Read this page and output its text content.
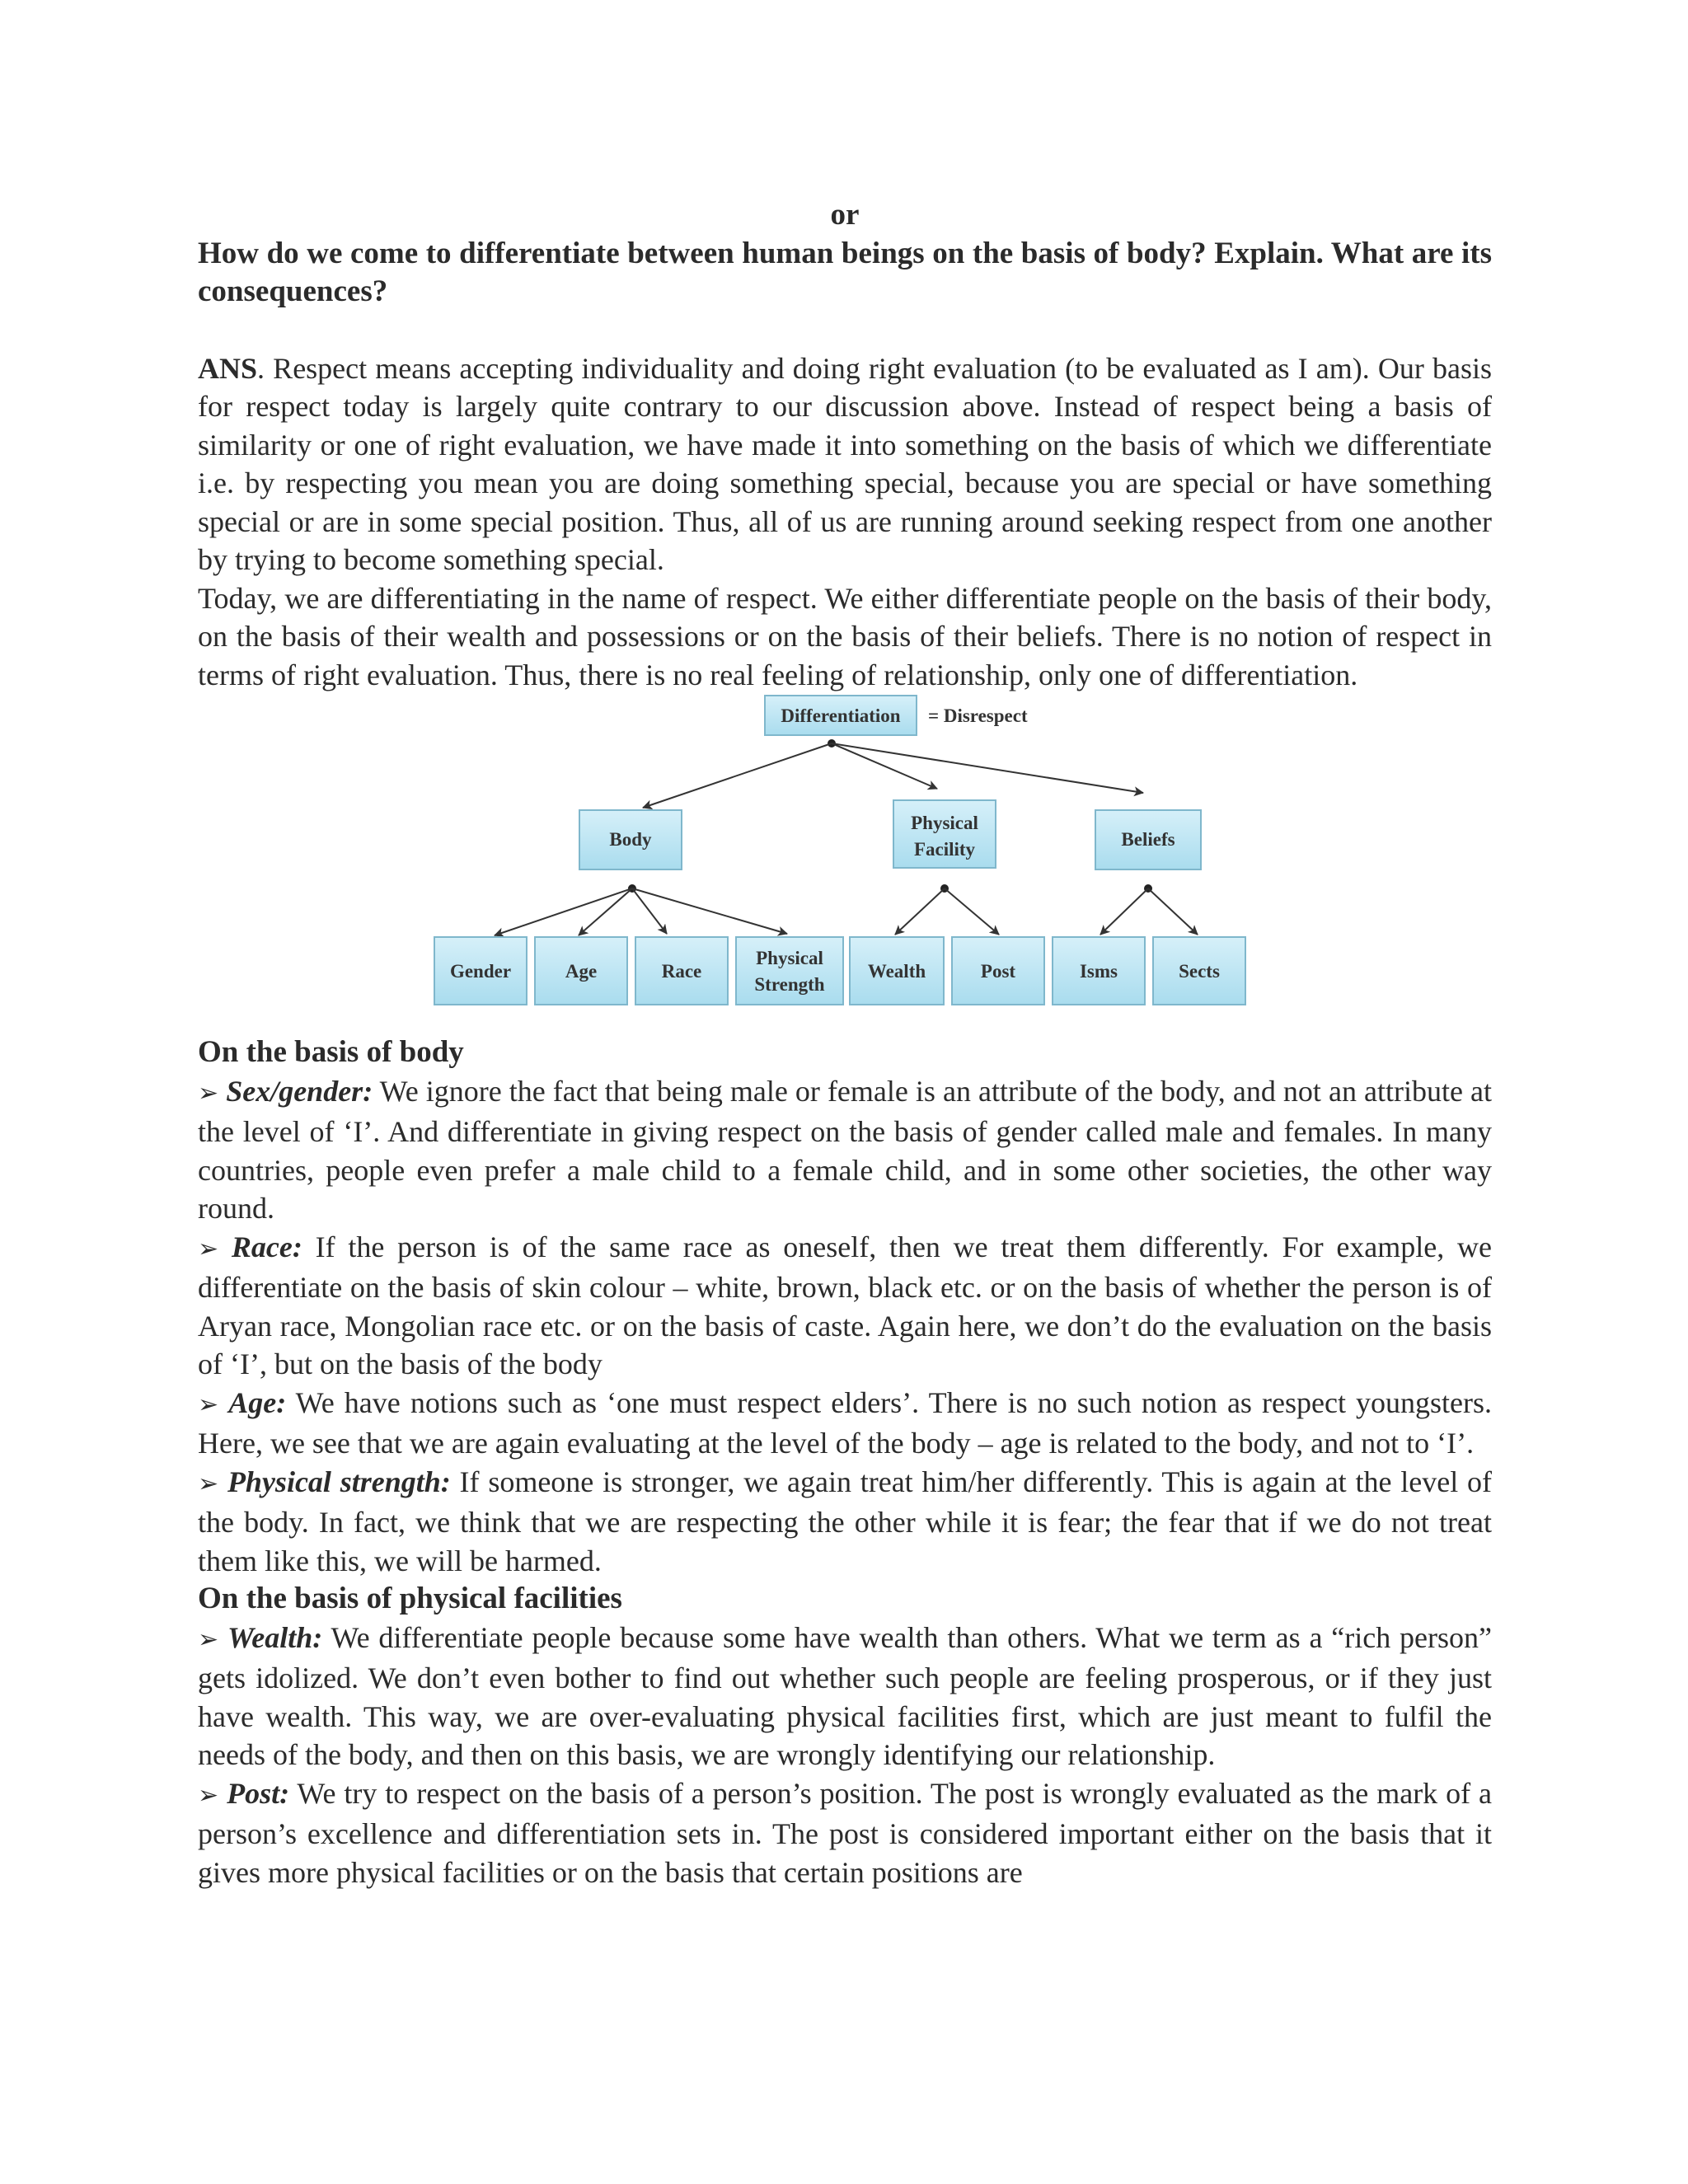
or

How do we come to differentiate between human beings on the basis of body? Explain. What are its consequences?

ANS. Respect means accepting individuality and doing right evaluation (to be evaluated as I am). Our basis for respect today is largely quite contrary to our discussion above. Instead of respect being a basis of similarity or one of right evaluation, we have made it into something on the basis of which we differentiate i.e. by respecting you mean you are doing something special, because you are special or have something special or are in some special position. Thus, all of us are running around seeking respect from one another by trying to become something special.

Today, we are differentiating in the name of respect. We either differentiate people on the basis of their body, on the basis of their wealth and possessions or on the basis of their beliefs. There is no notion of respect in terms of right evaluation. Thus, there is no real feeling of relationship, only one of differentiation.

Differentiation = Disrespect
Body
Physical
Facility	Beliefs
Gender	Age	Race
Physical
Strength
Wealth	Post	Isms	Sects

On the basis of body

➢ Sex/gender: We ignore the fact that being male or female is an attribute of the body, and not an attribute at the level of ‘I’. And differentiate in giving respect on the basis of gender called male and females. In many countries, people even prefer a male child to a female child, and in some other societies, the other way round.

➢ Race: If the person is of the same race as oneself, then we treat them differently. For example, we differentiate on the basis of skin colour – white, brown, black etc. or on the basis of whether the person is of Aryan race, Mongolian race etc. or on the basis of caste. Again here, we don’t do the evaluation on the basis of ‘I’, but on the basis of the body

➢ Age: We have notions such as ‘one must respect elders’. There is no such notion as respect youngsters. Here, we see that we are again evaluating at the level of the body – age is related to the body, and not to ‘I’.

➢ Physical strength: If someone is stronger, we again treat him/her differently. This is again at the level of the body. In fact, we think that we are respecting the other while it is fear; the fear that if we do not treat them like this, we will be harmed.

On the basis of physical facilities

➢ Wealth: We differentiate people because some have wealth than others. What we term as a “rich person” gets idolized. We don’t even bother to find out whether such people are feeling prosperous, or if they just have wealth. This way, we are over-evaluating physical facilities first, which are just meant to fulfil the needs of the body, and then on this basis, we are wrongly identifying our relationship.

➢ Post: We try to respect on the basis of a person’s position. The post is wrongly evaluated as the mark of a person’s excellence and differentiation sets in. The post is considered important either on the basis that it gives more physical facilities or on the basis that certain positions are
